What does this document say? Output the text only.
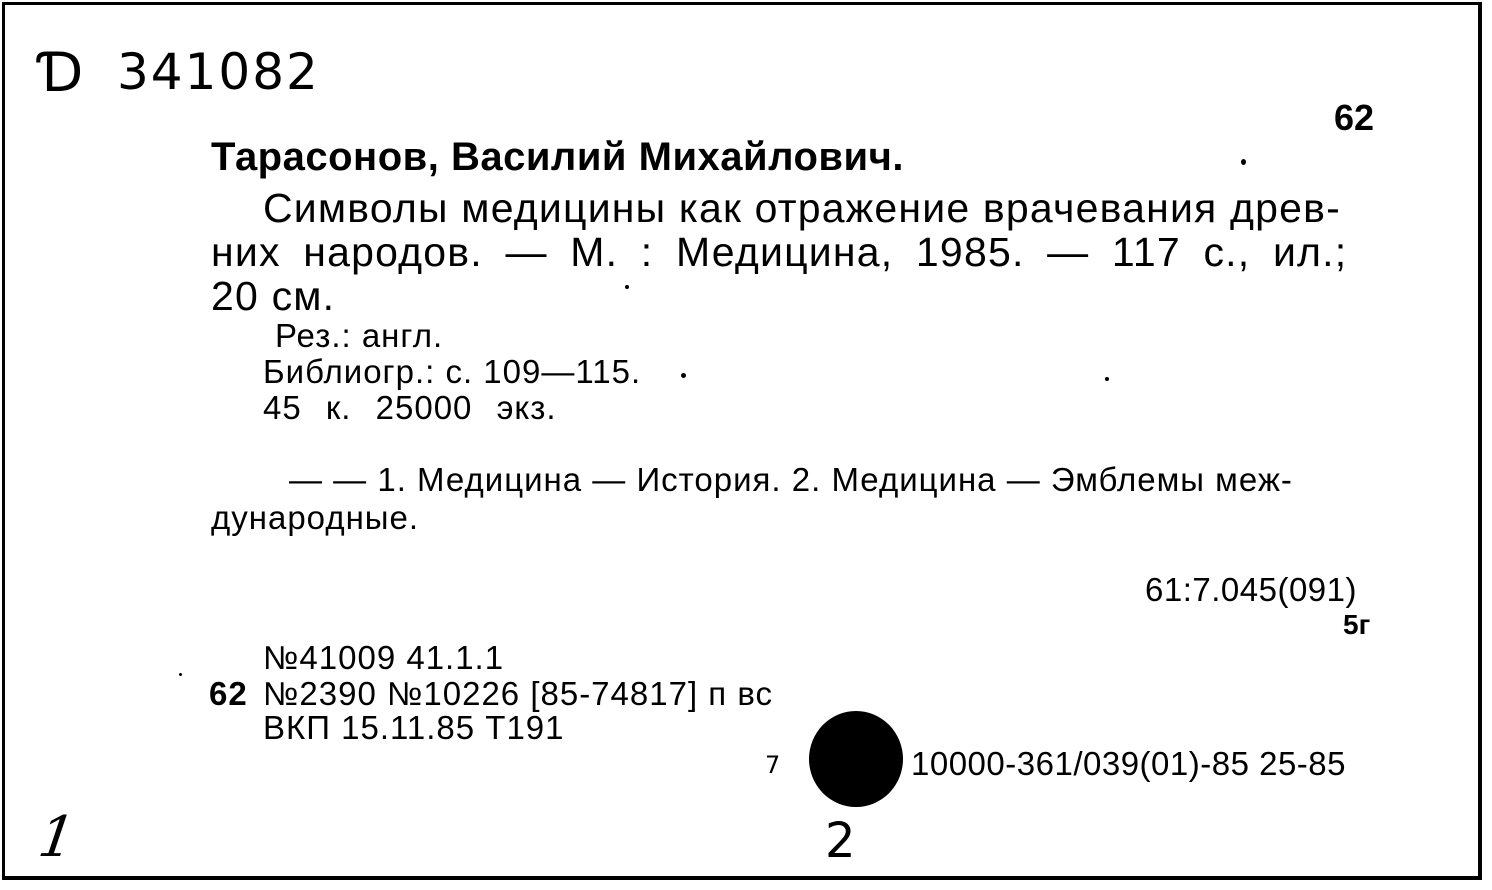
Ɗ 341082
62
Тарасонов, Василий Михайлович.
Символы медицины как отражение врачевания древ-
них народов. — М. : Медицина, 1985. — 117 с., ил.;
20 см.
Рез.: англ.
Библиогр.: с. 109—115.
45 к. 25000 экз.
— — 1. Медицина — История. 2. Медицина — Эмблемы меж-
дународные.
61:7.045(091)
5г
№41009 41.1.1
62 №2390 №10226 [85-74817] п вс
ВКП 15.11.85 Т191
7	10000-361/039(01)-85 25-85
1	2
